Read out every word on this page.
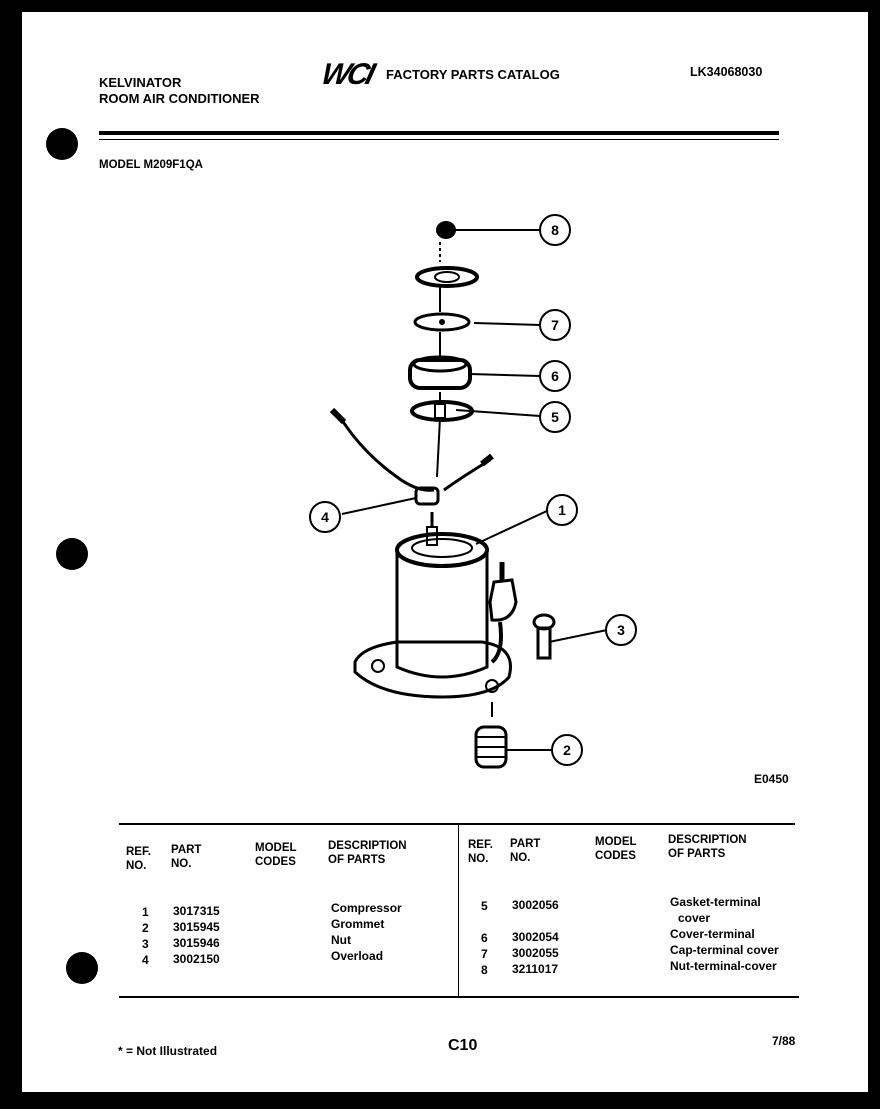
KELVINATOR
ROOM AIR CONDITIONER
WCI FACTORY PARTS CATALOG	LK34068030
MODEL M209F1QA
8
7
6
5
4	1
3
2
E0450
REF.
NO.
PART
NO.
MODEL
CODES
DESCRIPTION
OF PARTS
REF.
NO.
PART
NO.
MODEL
CODES
DESCRIPTION
OF PARTS
1 3017315	Compressor
2 3015945	Grommet
3 3015946	Nut
4 3002150	Overload
5 3002056	Gasket-terminal
cover
6 3002054	Cover-terminal
7 3002055	Cap-terminal cover
8 3211017	Nut-terminal-cover
* = Not Illustrated	C10	7/88
